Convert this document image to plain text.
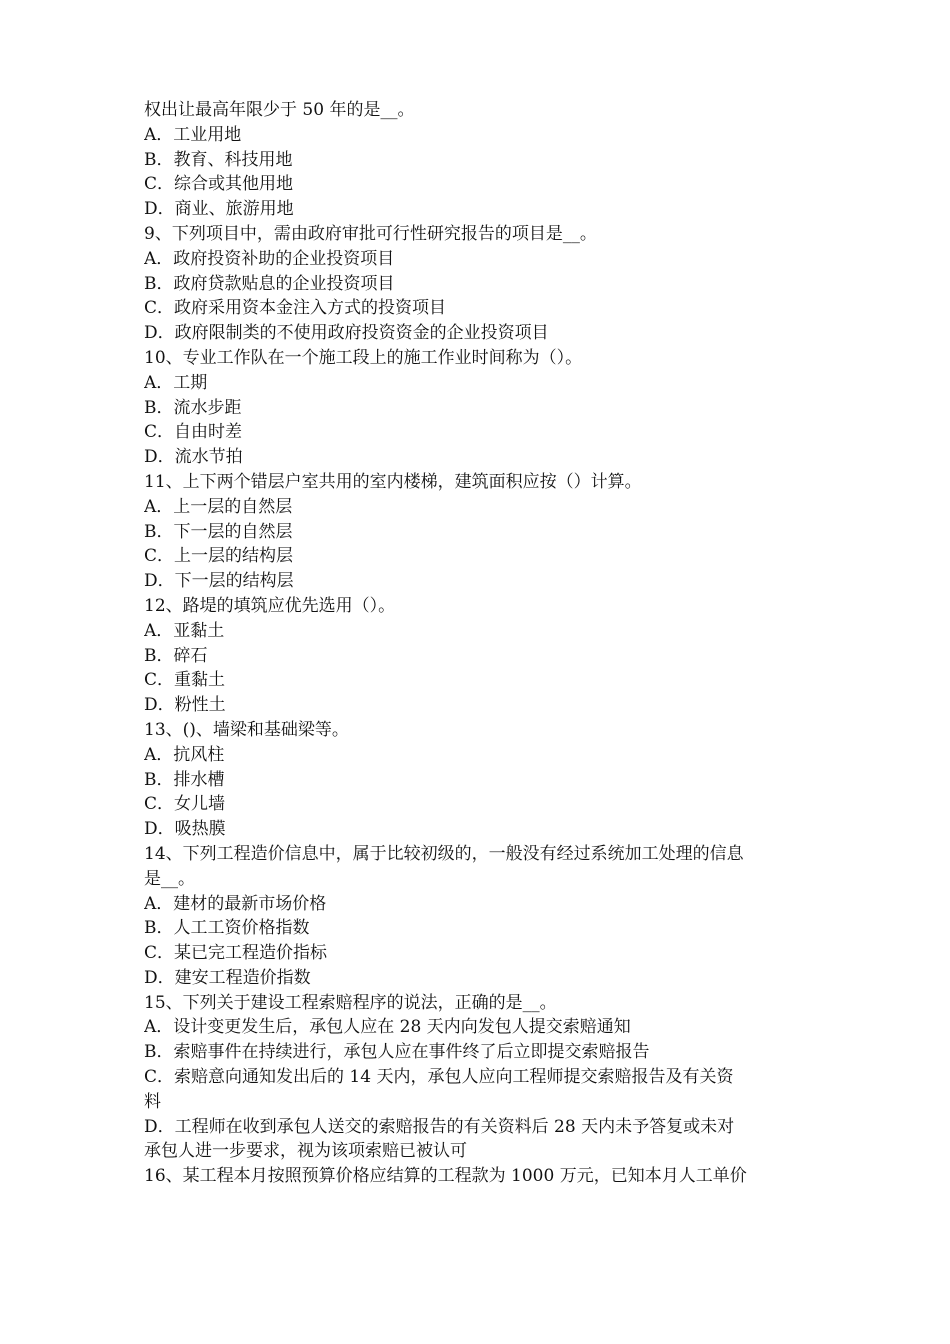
权出让最高年限少于 50 年的是__。
A．工业用地
B．教育、科技用地
C．综合或其他用地
D．商业、旅游用地
9、下列项目中，需由政府审批可行性研究报告的项目是__。
A．政府投资补助的企业投资项目
B．政府贷款贴息的企业投资项目
C．政府采用资本金注入方式的投资项目
D．政府限制类的不使用政府投资资金的企业投资项目
10、专业工作队在一个施工段上的施工作业时间称为（）。
A．工期
B．流水步距
C．自由时差
D．流水节拍
11、上下两个错层户室共用的室内楼梯，建筑面积应按（）计算。
A．上一层的自然层
B．下一层的自然层
C．上一层的结构层
D．下一层的结构层
12、路堤的填筑应优先选用（）。
A．亚黏土
B．碎石
C．重黏土
D．粉性土
13、()、墙梁和基础梁等。
A．抗风柱
B．排水槽
C．女儿墙
D．吸热膜
14、下列工程造价信息中，属于比较初级的，一般没有经过系统加工处理的信息
是__。
A．建材的最新市场价格
B．人工工资价格指数
C．某已完工程造价指标
D．建安工程造价指数
15、下列关于建设工程索赔程序的说法，正确的是__。
A．设计变更发生后，承包人应在 28 天内向发包人提交索赔通知
B．索赔事件在持续进行，承包人应在事件终了后立即提交索赔报告
C．索赔意向通知发出后的 14 天内，承包人应向工程师提交索赔报告及有关资
料
D．工程师在收到承包人送交的索赔报告的有关资料后 28 天内未予答复或未对
承包人进一步要求，视为该项索赔已被认可
16、某工程本月按照预算价格应结算的工程款为 1000 万元，已知本月人工单价
